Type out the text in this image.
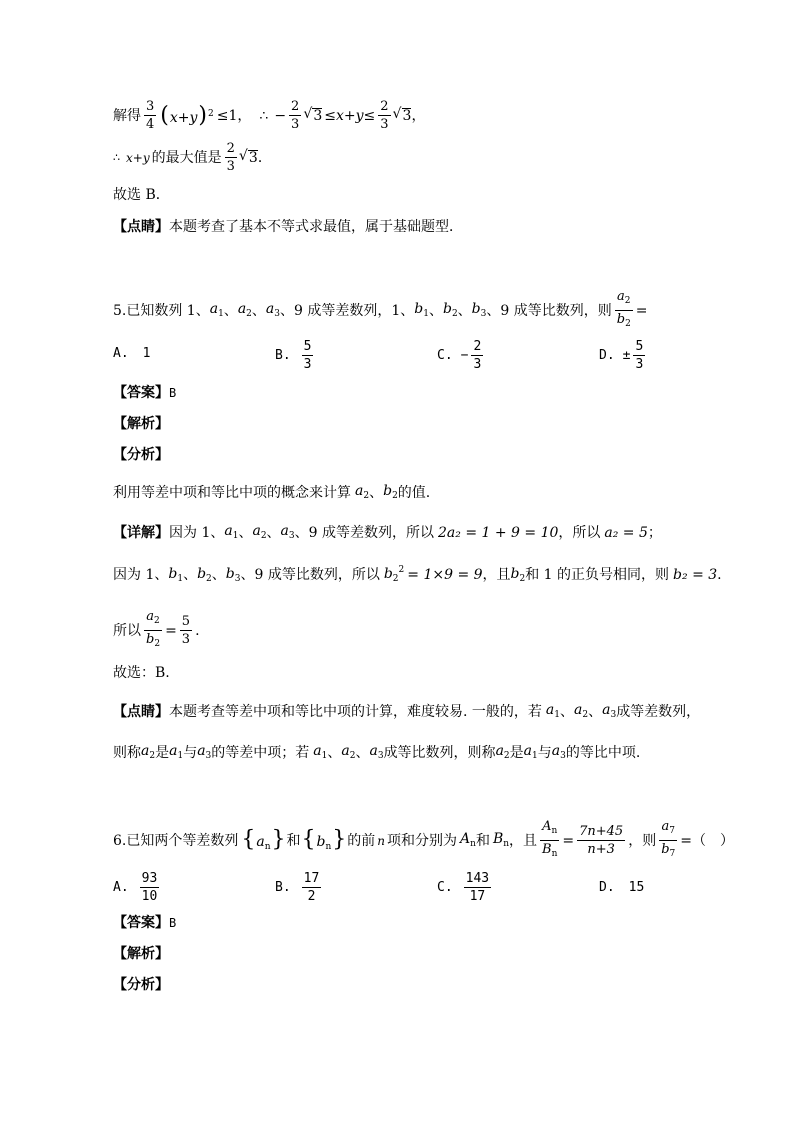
解得 $\frac{3}{4} (x+y)^2 \le 1$， ∴ − $\frac{2}{3}$ √ $3 \le x+y\le \frac{2}{3}$ √ 3 ，
∴ x+y 的最大值是 $\frac{2}{3}$ √ 3 ．
故选 B．
【点睛】 本题考查了基本不等式求最值，属于基础题型．
5.已知数列 1、 $a_1$ 、 $a_2$ 、 $a_3$ 、9 成等差数列，1、 $b_1$ 、 $b_2$ 、 $b_3$ 、9 成等比数列，则 $\frac{a_2}{b_2}$ =
A. 1	B. $\frac{5}{3}$	C. − $\frac{2}{3}$	D. ± $\frac{5}{3}$
【答案】 B
【解析】
【分析】
利用等差中项和等比中项的概念来计算 $a_2$ 、 $b_2$ 的值.
【详解】 因为 1、 $a_1$ 、 $a_2$ 、 $a_3$ 、9 成等差数列，所以 2a₂ = 1 + 9 = 10 ，所以 a₂ = 5 ；
因为 1、 $b_1$ 、 $b_2$ 、 $b_3$ 、9 成等比数列，所以 $b_2^2 = 1\times 9 = 9$ ，且 $b_2$ 和 1 的正负号相同，则 b₂ = 3 .
所以 $\frac{a_2}{b_2} = \frac{5}{3}$ .
故选：B.
【点睛】 本题考查等差中项和等比中项的计算，难度较易. 一般的，若 $a_1$ 、 $a_2$ 、 $a_3$ 成等差数列，
则称 $a_2$ 是 $a_1$ 与 $a_3$ 的等差中项；若 $a_1$ 、 $a_2$ 、 $a_3$ 成等比数列，则称 $a_2$ 是 $a_1$ 与 $a_3$ 的等比中项.
6.已知两个等差数列 $\{a_n\}$ 和 $\{b_n\}$ 的前 n 项和分别为 $A_n$ 和 $B_n$ ，且 $\frac{A_n}{B_n} = \frac{7n+45}{n+3}$ ，则 $\frac{a_7}{b_7}$ =（　）
A. $\frac{93}{10}$	B. $\frac{17}{2}$	C. $\frac{143}{17}$	D. 15
【答案】 B
【解析】
【分析】
